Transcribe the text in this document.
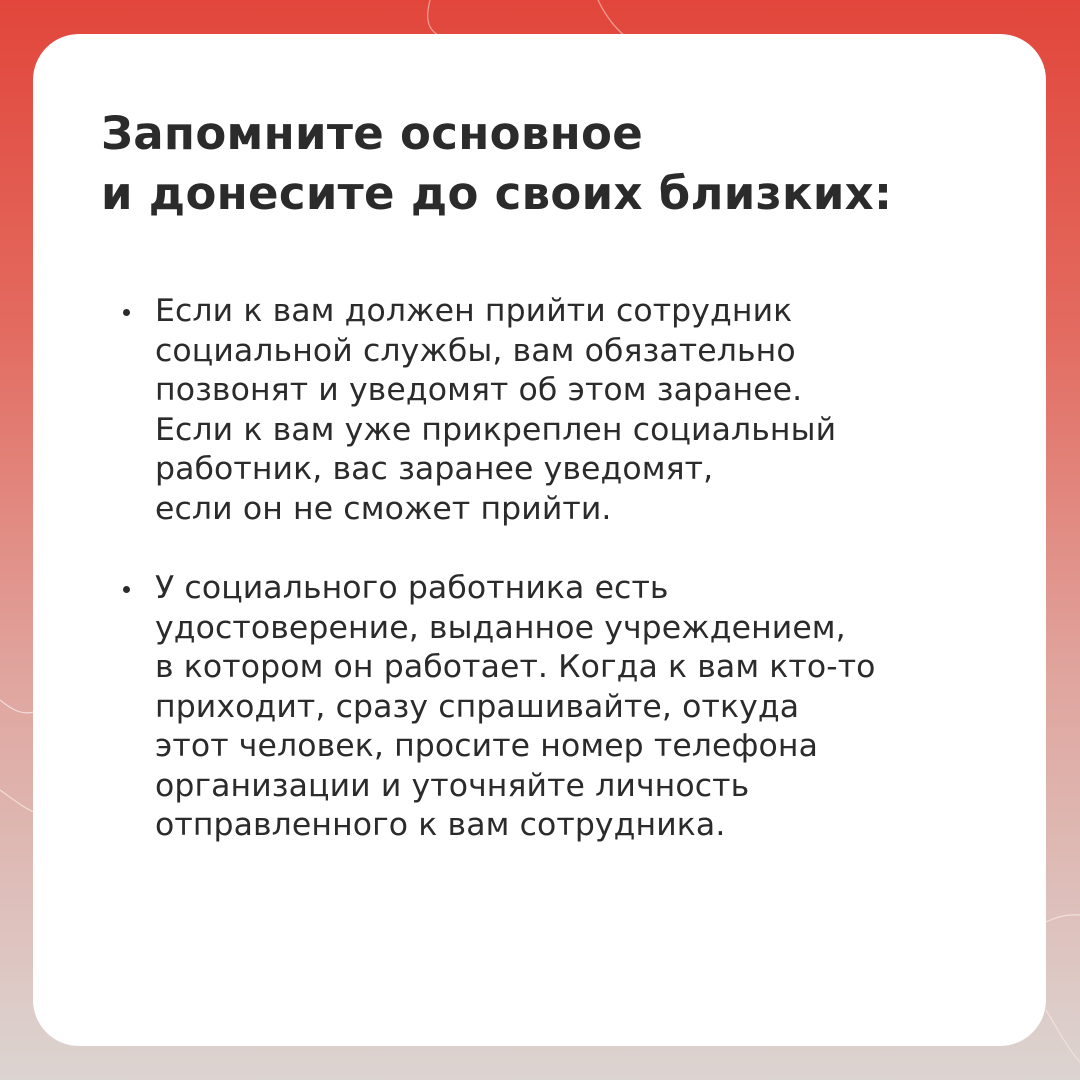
Запомните основное
и донесите до своих близких:
Если к вам должен прийти сотрудник
социальной службы, вам обязательно
позвонят и уведомят об этом заранее.
Если к вам уже прикреплен социальный
работник, вас заранее уведомят,
если он не сможет прийти.
У социального работника есть
удостоверение, выданное учреждением,
в котором он работает. Когда к вам кто-то
приходит, сразу спрашивайте, откуда
этот человек, просите номер телефона
организации и уточняйте личность
отправленного к вам сотрудника.
